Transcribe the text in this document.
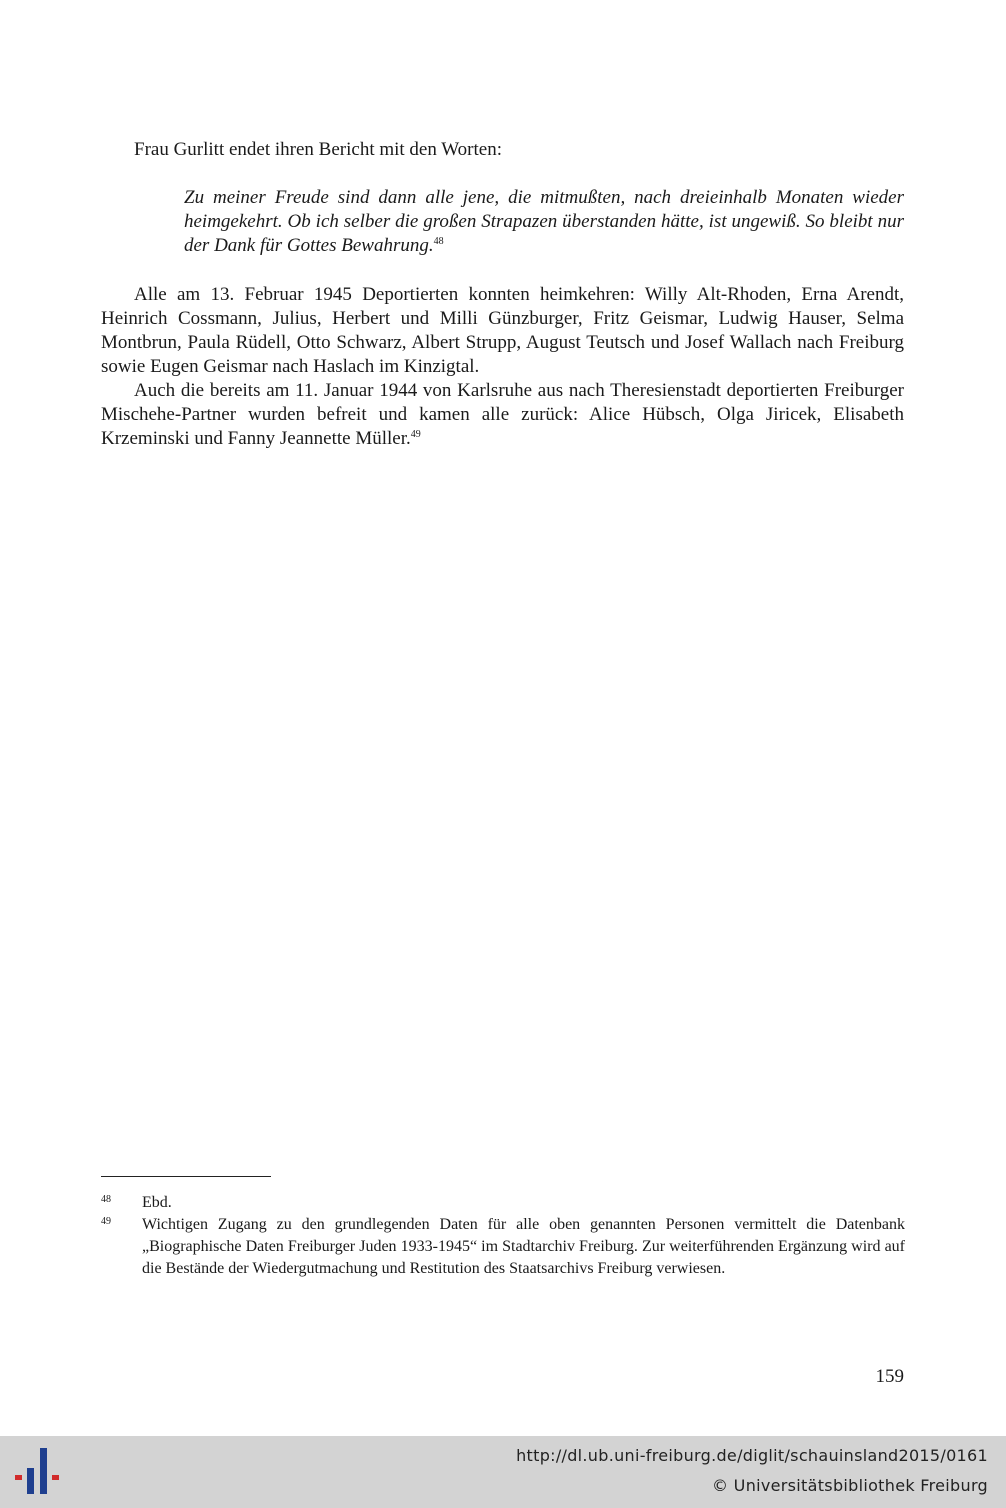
Frau Gurlitt endet ihren Bericht mit den Worten:

Zu meiner Freude sind dann alle jene, die mitmußten, nach dreieinhalb Monaten wieder heimgekehrt. Ob ich selber die großen Strapazen überstanden hätte, ist ungewiß. So bleibt nur der Dank für Gottes Bewahrung.$^{48}$

Alle am 13. Februar 1945 Deportierten konnten heimkehren: Willy Alt-Rhoden, Erna Arendt, Heinrich Cossmann, Julius, Herbert und Milli Günzburger, Fritz Geismar, Ludwig Hauser, Selma Montbrun, Paula Rüdell, Otto Schwarz, Albert Strupp, August Teutsch und Josef Wallach nach Freiburg sowie Eugen Geismar nach Haslach im Kinzigtal.

Auch die bereits am 11. Januar 1944 von Karlsruhe aus nach Theresienstadt deportierten Freiburger Mischehe-Partner wurden befreit und kamen alle zurück: Alice Hübsch, Olga Jiricek, Elisabeth Krzeminski und Fanny Jeannette Müller.$^{49}$

48	Ebd.
49	Wichtigen Zugang zu den grundlegenden Daten für alle oben genannten Personen vermittelt die Datenbank „Biographische Daten Freiburger Juden 1933-1945“ im Stadtarchiv Freiburg. Zur weiterführenden Ergänzung wird auf die Bestände der Wiedergutmachung und Restitution des Staatsarchivs Freiburg verwiesen.
159
http://dl.ub.uni-freiburg.de/diglit/schauinsland2015/0161
© Universitätsbibliothek Freiburg
